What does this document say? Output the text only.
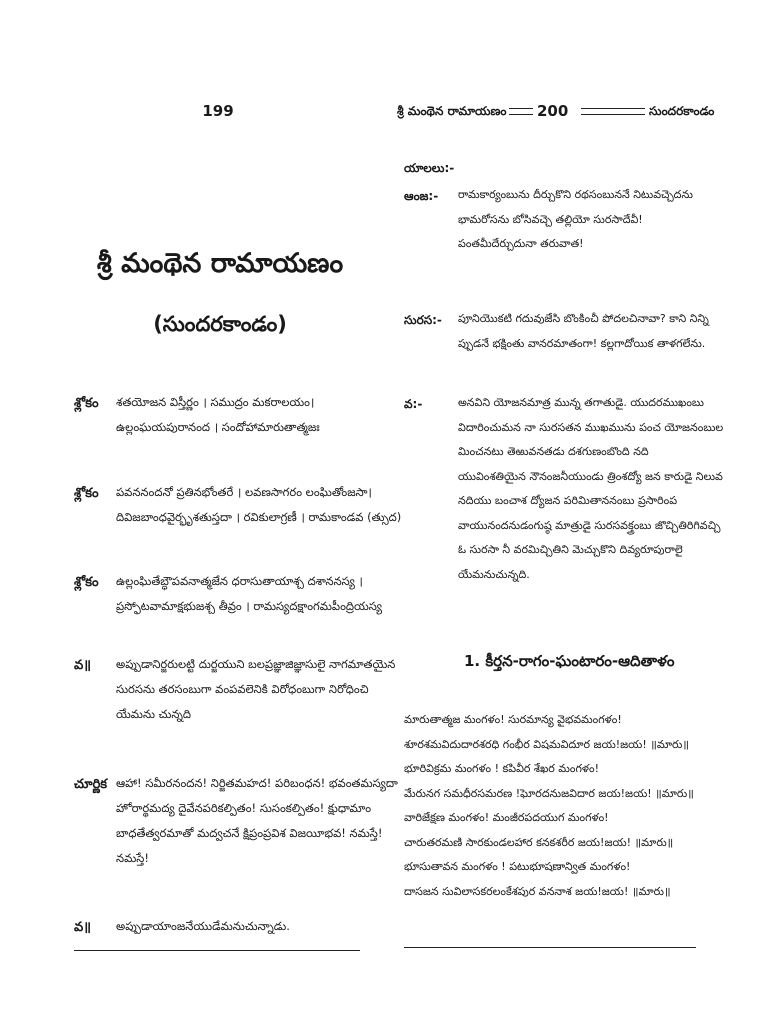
199
శ్రీ మంథెన రామాయణం
(సుందరకాండం)
శ్లోకం శతయోజన విస్తీర్ణం । సముద్రం మకరాలయం।
ఉల్లంఘయపురానంద । సందోహామారుతాత్మజః
శ్లోకం పవననందనో ప్రతినభోంతరే । లవణసాగరం లంఘితోంజసా।
దివిజబాంధవైర్భృశతుస్తదా । రవికులాగ్రణీ । రామకాండవ (త్సుద)
శ్లోకం ఉల్లంఘితేబ్ధౌపవనాత్మజేన ధరాసుతాయాశ్చ దశాననస్య ।
ప్రస్ఫోటవామాక్షభుజశ్చ తీవ్రం । రామస్యదక్షాంగమపీంద్రియస్య
వ॥ అప్పుడానిర్జరులట్టి దుర్జయుని బలప్రజ్ఞాజిజ్ఞాసులై నాగమాతయైన
సురసను తరసంబుగా వంపవలెనికి విరోధంబుగా నిరోధించి
యేమను చున్నది
చూర్ణిక ఆహా! సమీరనందన! నిర్జితమహద! పరిబంధన! భవంతమస్యదా
హోరార్థమద్య దైవేనపరికల్పితం! సుసంకల్పితం! క్షుధామాం
బాధతేత్వరమాతో మద్వచనే క్షిప్రంప్రవిశ విజయీభవ! నమస్తే!
నమస్తే!
వ॥ అప్పుడాయాంజనేయుడేమనుచున్నాడు.
శ్రీ మంథెన రామాయణం 200	సుందరకాండం
యాలలు:-
ఆంజ:- రామకార్యంబును దీర్చుకొని రథసంబుననే నిటువచ్చెదను
భామరోసను బోసివచ్చె తల్లియో సురసాదేవీ!
పంతమీదేర్చుదునా తరువాత!
సురస:- పూనియెుకటి గదువుజేసి బొంకించీ పోదలచినావా? కాని నిన్ని
ప్పుడనే భక్షింతు వానరమాతంగా! కల్లగాదోయిక తాళగలేను.
వ:-	అనవిని యోజనమాత్ర మున్న తగాతుడై. యుదరముఖంబు
విదారించుమన నా సురసతన ముఖమును పంచ యోజనంబుల
మించనటు తెఱువనతడు దశగుణంబొంది నది
యువింశతియైన నౌనంజనీయుండు త్రింశద్యో జన కారుడై నిలువ
నదియు బంచాశ ద్యోజన పరిమితాననంబు ప్రసారింప
వాయునందనుడంగుష్ఠ మాత్రుడై సురసవక్త్రంబు జొచ్చితిరిగివచ్చి
ఓ సురసా నీ వరమిచ్చితిని మెచ్చుకొని దివ్యరూపురాలై
యేమనుచున్నది.
1. కీర్తన-రాగం-ఘంటారం-ఆదితాళం
మారుతాత్మజ మంగళం! సురమాన్య వైభవమంగళం!
శూరశమవిదుదారశరధి గంభీర విషమవిదూర జయ!జయ! ॥మారు॥
భూరివిక్రమ మంగళం ! కపివీర శేఖర మంగళం!
మేరునగ సమధీరసమరణ !ఘోరదనుజవిదార జయ!జయ! ॥మారు॥
వారిజేక్షణ మంగళం! మంజీరపదయుగ మంగళం!
చారుతరమణి సారకుండలహార కనకశరీర జయ!జయ! ॥మారు॥
భూసుతావన మంగళం ! పటుభూషణాన్విత మంగళం!
దాసజన సువిలాసకరలంకేశపుర వననాశ జయ!జయ! ॥మారు॥
